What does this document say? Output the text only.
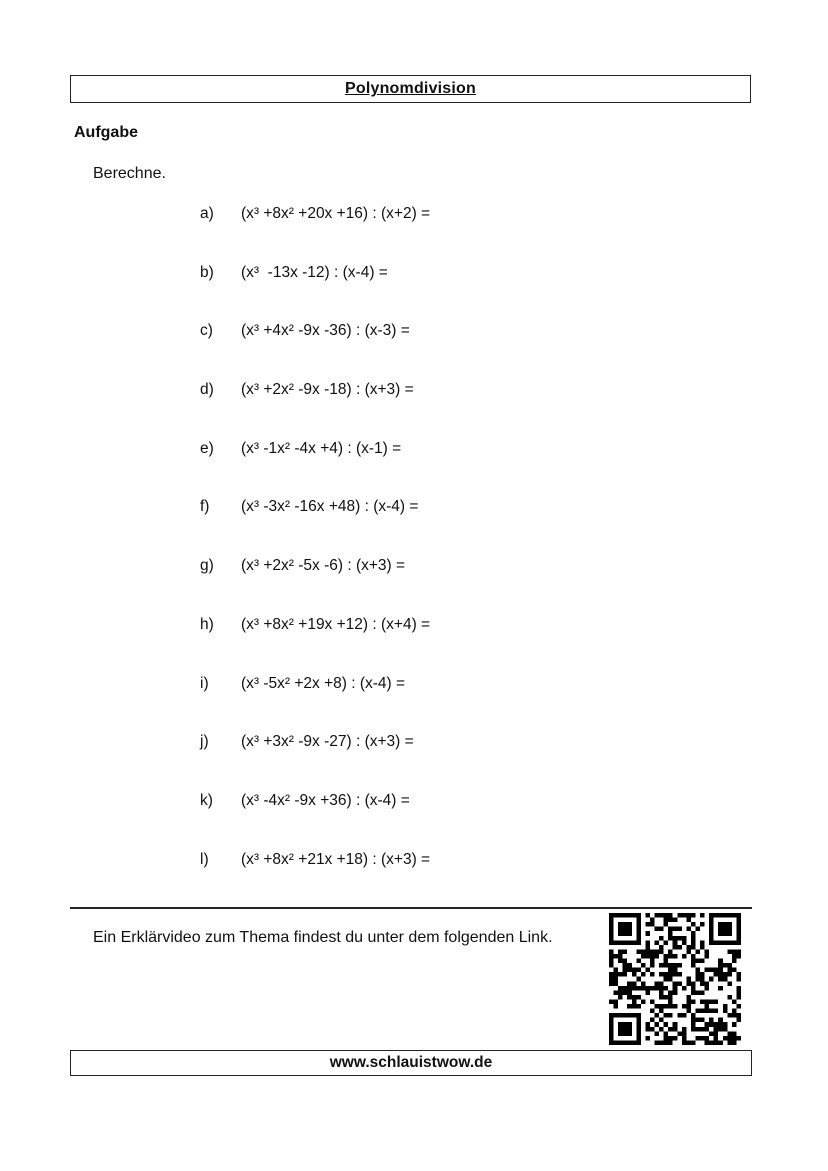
Polynomdivision
Aufgabe
Berechne.
a)	(x³ +8x² +20x +16) : (x+2) =
b)	(x³  -13x -12) : (x-4) =
c)	(x³ +4x² -9x -36) : (x-3) =
d)	(x³ +2x² -9x -18) : (x+3) =
e)	(x³ -1x² -4x +4) : (x-1) =
f)	(x³ -3x² -16x +48) : (x-4) =
g)	(x³ +2x² -5x -6) : (x+3) =
h)	(x³ +8x² +19x +12) : (x+4) =
i)	(x³ -5x² +2x +8) : (x-4) =
j)	(x³ +3x² -9x -27) : (x+3) =
k)	(x³ -4x² -9x +36) : (x-4) =
l)	(x³ +8x² +21x +18) : (x+3) =
Ein Erklärvideo zum Thema findest du unter dem folgenden Link.
www.schlauistwow.de
